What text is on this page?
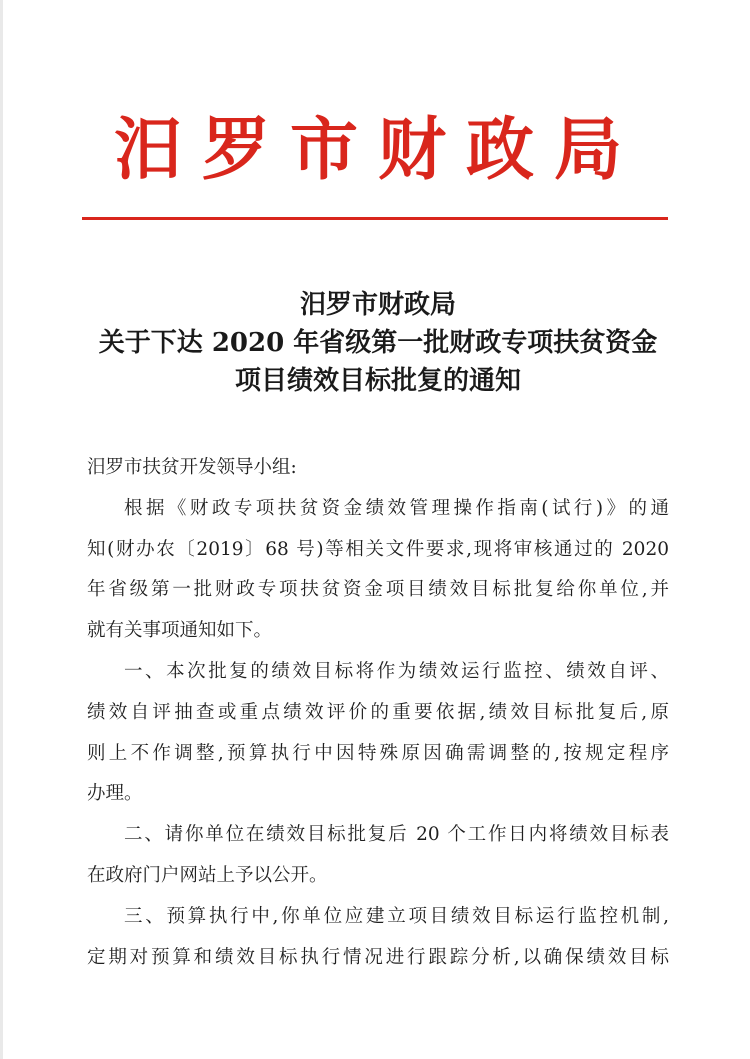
汨罗市财政局
汨罗市财政局
关于下达 2020 年省级第一批财政专项扶贫资金
项目绩效目标批复的通知
汨罗市扶贫开发领导小组:
根据《财政专项扶贫资金绩效管理操作指南(试行)》的通
知(财办农〔2019〕68 号)等相关文件要求,现将审核通过的 2020
年省级第一批财政专项扶贫资金项目绩效目标批复给你单位,并
就有关事项通知如下。
一、本次批复的绩效目标将作为绩效运行监控、绩效自评、
绩效自评抽查或重点绩效评价的重要依据,绩效目标批复后,原
则上不作调整,预算执行中因特殊原因确需调整的,按规定程序
办理。
二、请你单位在绩效目标批复后 20 个工作日内将绩效目标表
在政府门户网站上予以公开。
三、预算执行中,你单位应建立项目绩效目标运行监控机制,
定期对预算和绩效目标执行情况进行跟踪分析,以确保绩效目标
